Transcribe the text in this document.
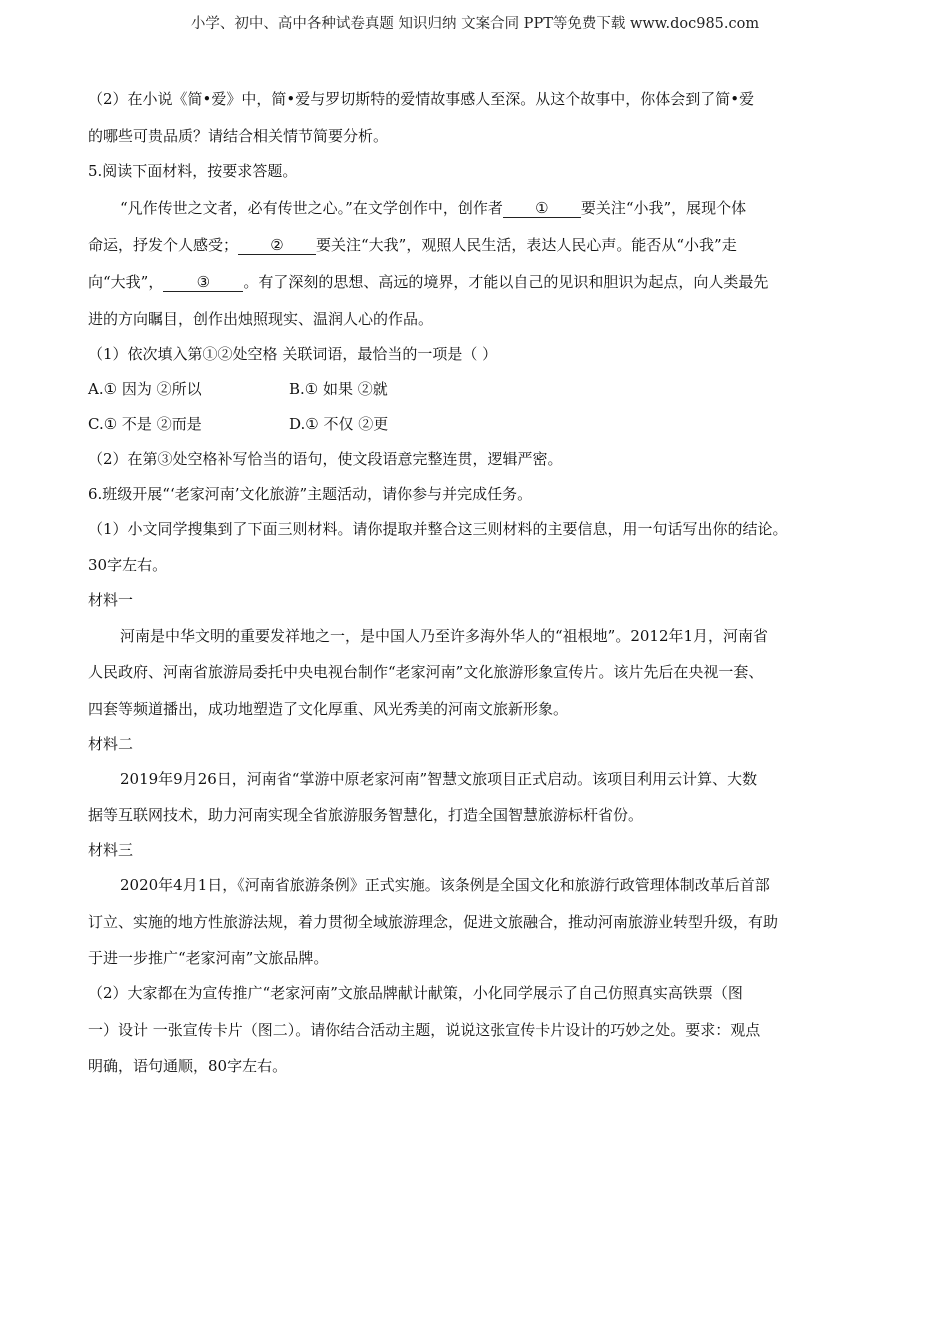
小学、初中、高中各种试卷真题 知识归纳 文案合同 PPT等免费下载 www.doc985.com
（2）在小说《简•爱》中，简•爱与罗切斯特的爱情故事感人至深。从这个故事中，你体会到了简•爱
的哪些可贵品质？请结合相关情节简要分析。
5.阅读下面材料，按要求答题。
“凡作传世之文者，必有传世之心。”在文学创作中，创作者 ① 要关注“小我”，展现个体
命运，抒发个人感受； ② 要关注“大我”，观照人民生活，表达人民心声。能否从“小我”走
向“大我”， ③ 。有了深刻的思想、高远的境界，才能以自己的见识和胆识为起点，向人类最先
进的方向瞩目，创作出烛照现实、温润人心的作品。
（1）依次填入第①②处空格 关联词语，最恰当的一项是（ ）
A.① 因为 ②所以	B.① 如果 ②就
C.① 不是 ②而是	D.① 不仅 ②更
（2）在第③处空格补写恰当的语句，使文段语意完整连贯，逻辑严密。
6.班级开展“‘老家河南’文化旅游”主题活动，请你参与并完成任务。
（1）小文同学搜集到了下面三则材料。请你提取并整合这三则材料的主要信息，用一句话写出你的结论。
30字左右。
材料一
河南是中华文明的重要发祥地之一，是中国人乃至许多海外华人的“祖根地”。2012年1月，河南省
人民政府、河南省旅游局委托中央电视台制作“老家河南”文化旅游形象宣传片。该片先后在央视一套、
四套等频道播出，成功地塑造了文化厚重、风光秀美的河南文旅新形象。
材料二
2019年9月26日，河南省“掌游中原老家河南”智慧文旅项目正式启动。该项目利用云计算、大数
据等互联网技术，助力河南实现全省旅游服务智慧化，打造全国智慧旅游标杆省份。
材料三
2020年4月1日，《河南省旅游条例》正式实施。该条例是全国文化和旅游行政管理体制改革后首部
订立、实施的地方性旅游法规，着力贯彻全域旅游理念，促进文旅融合，推动河南旅游业转型升级，有助
于进一步推广“老家河南”文旅品牌。
（2）大家都在为宣传推广“老家河南”文旅品牌献计献策，小化同学展示了自己仿照真实高铁票（图
一）设计 一张宣传卡片（图二）。请你结合活动主题，说说这张宣传卡片设计的巧妙之处。要求：观点
明确，语句通顺，80字左右。
